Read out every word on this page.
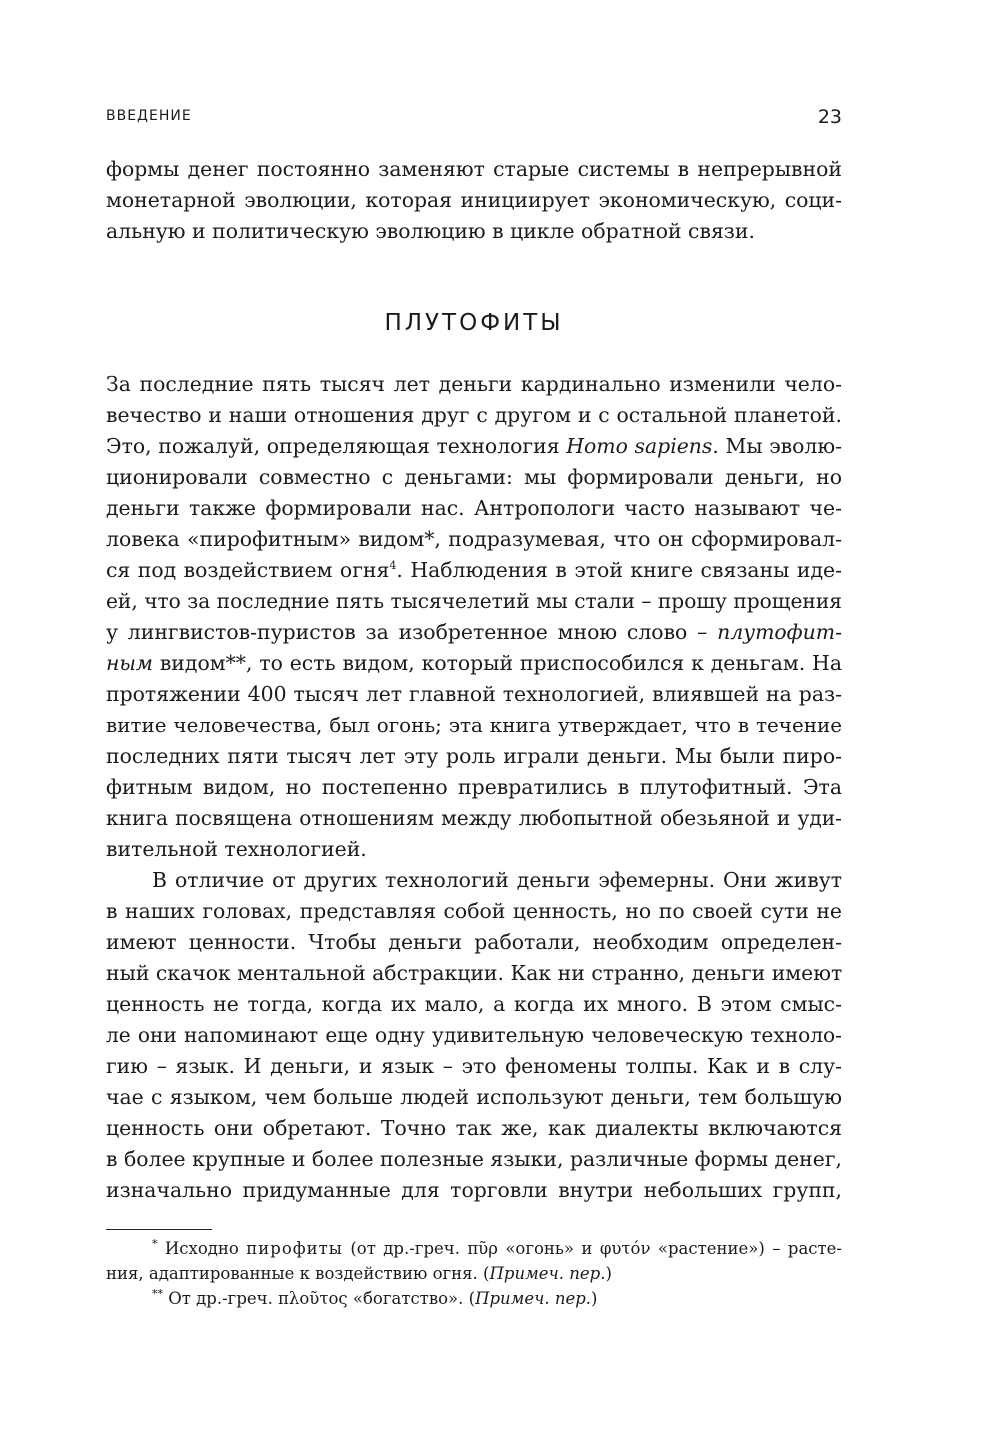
ВВЕДЕНИЕ	23
формы денег постоянно заменяют старые системы в непрерывной
монетарной эволюции, которая инициирует экономическую, соци-
альную и политическую эволюцию в цикле обратной связи.
ПЛУТОФИТЫ
За последние пять тысяч лет деньги кардинально изменили чело-
вечество и наши отношения друг с другом и с остальной планетой.
Это, пожалуй, определяющая технология Homo sapiens. Мы эволю-
ционировали совместно с деньгами: мы формировали деньги, но
деньги также формировали нас. Антропологи часто называют че-
ловека «пирофитным» видом*, подразумевая, что он сформировал-
ся под воздействием огня$^4$. Наблюдения в этой книге связаны иде-
ей, что за последние пять тысячелетий мы стали – прошу прощения
у лингвистов-пуристов за изобретенное мною слово – плутофит-
ным видом**, то есть видом, который приспособился к деньгам. На
протяжении 400 тысяч лет главной технологией, влиявшей на раз-
витие человечества, был огонь; эта книга утверждает, что в течение
последних пяти тысяч лет эту роль играли деньги. Мы были пиро-
фитным видом, но постепенно превратились в плутофитный. Эта
книга посвящена отношениям между любопытной обезьяной и уди-
вительной технологией.
В отличие от других технологий деньги эфемерны. Они живут
в наших головах, представляя собой ценность, но по своей сути не
имеют ценности. Чтобы деньги работали, необходим определен-
ный скачок ментальной абстракции. Как ни странно, деньги имеют
ценность не тогда, когда их мало, а когда их много. В этом смыс-
ле они напоминают еще одну удивительную человеческую техноло-
гию – язык. И деньги, и язык – это феномены толпы. Как и в слу-
чае с языком, чем больше людей используют деньги, тем большую
ценность они обретают. Точно так же, как диалекты включаются
в более крупные и более полезные языки, различные формы денег,
изначально придуманные для торговли внутри небольших групп,
* Исходно пирофиты (от др.-греч. πῦρ «огонь» и φυτόν «растение») – расте-
ния, адаптированные к воздействию огня. (Примеч. пер.)
** От др.-греч. πλοῦτος «богатство». (Примеч. пер.)
